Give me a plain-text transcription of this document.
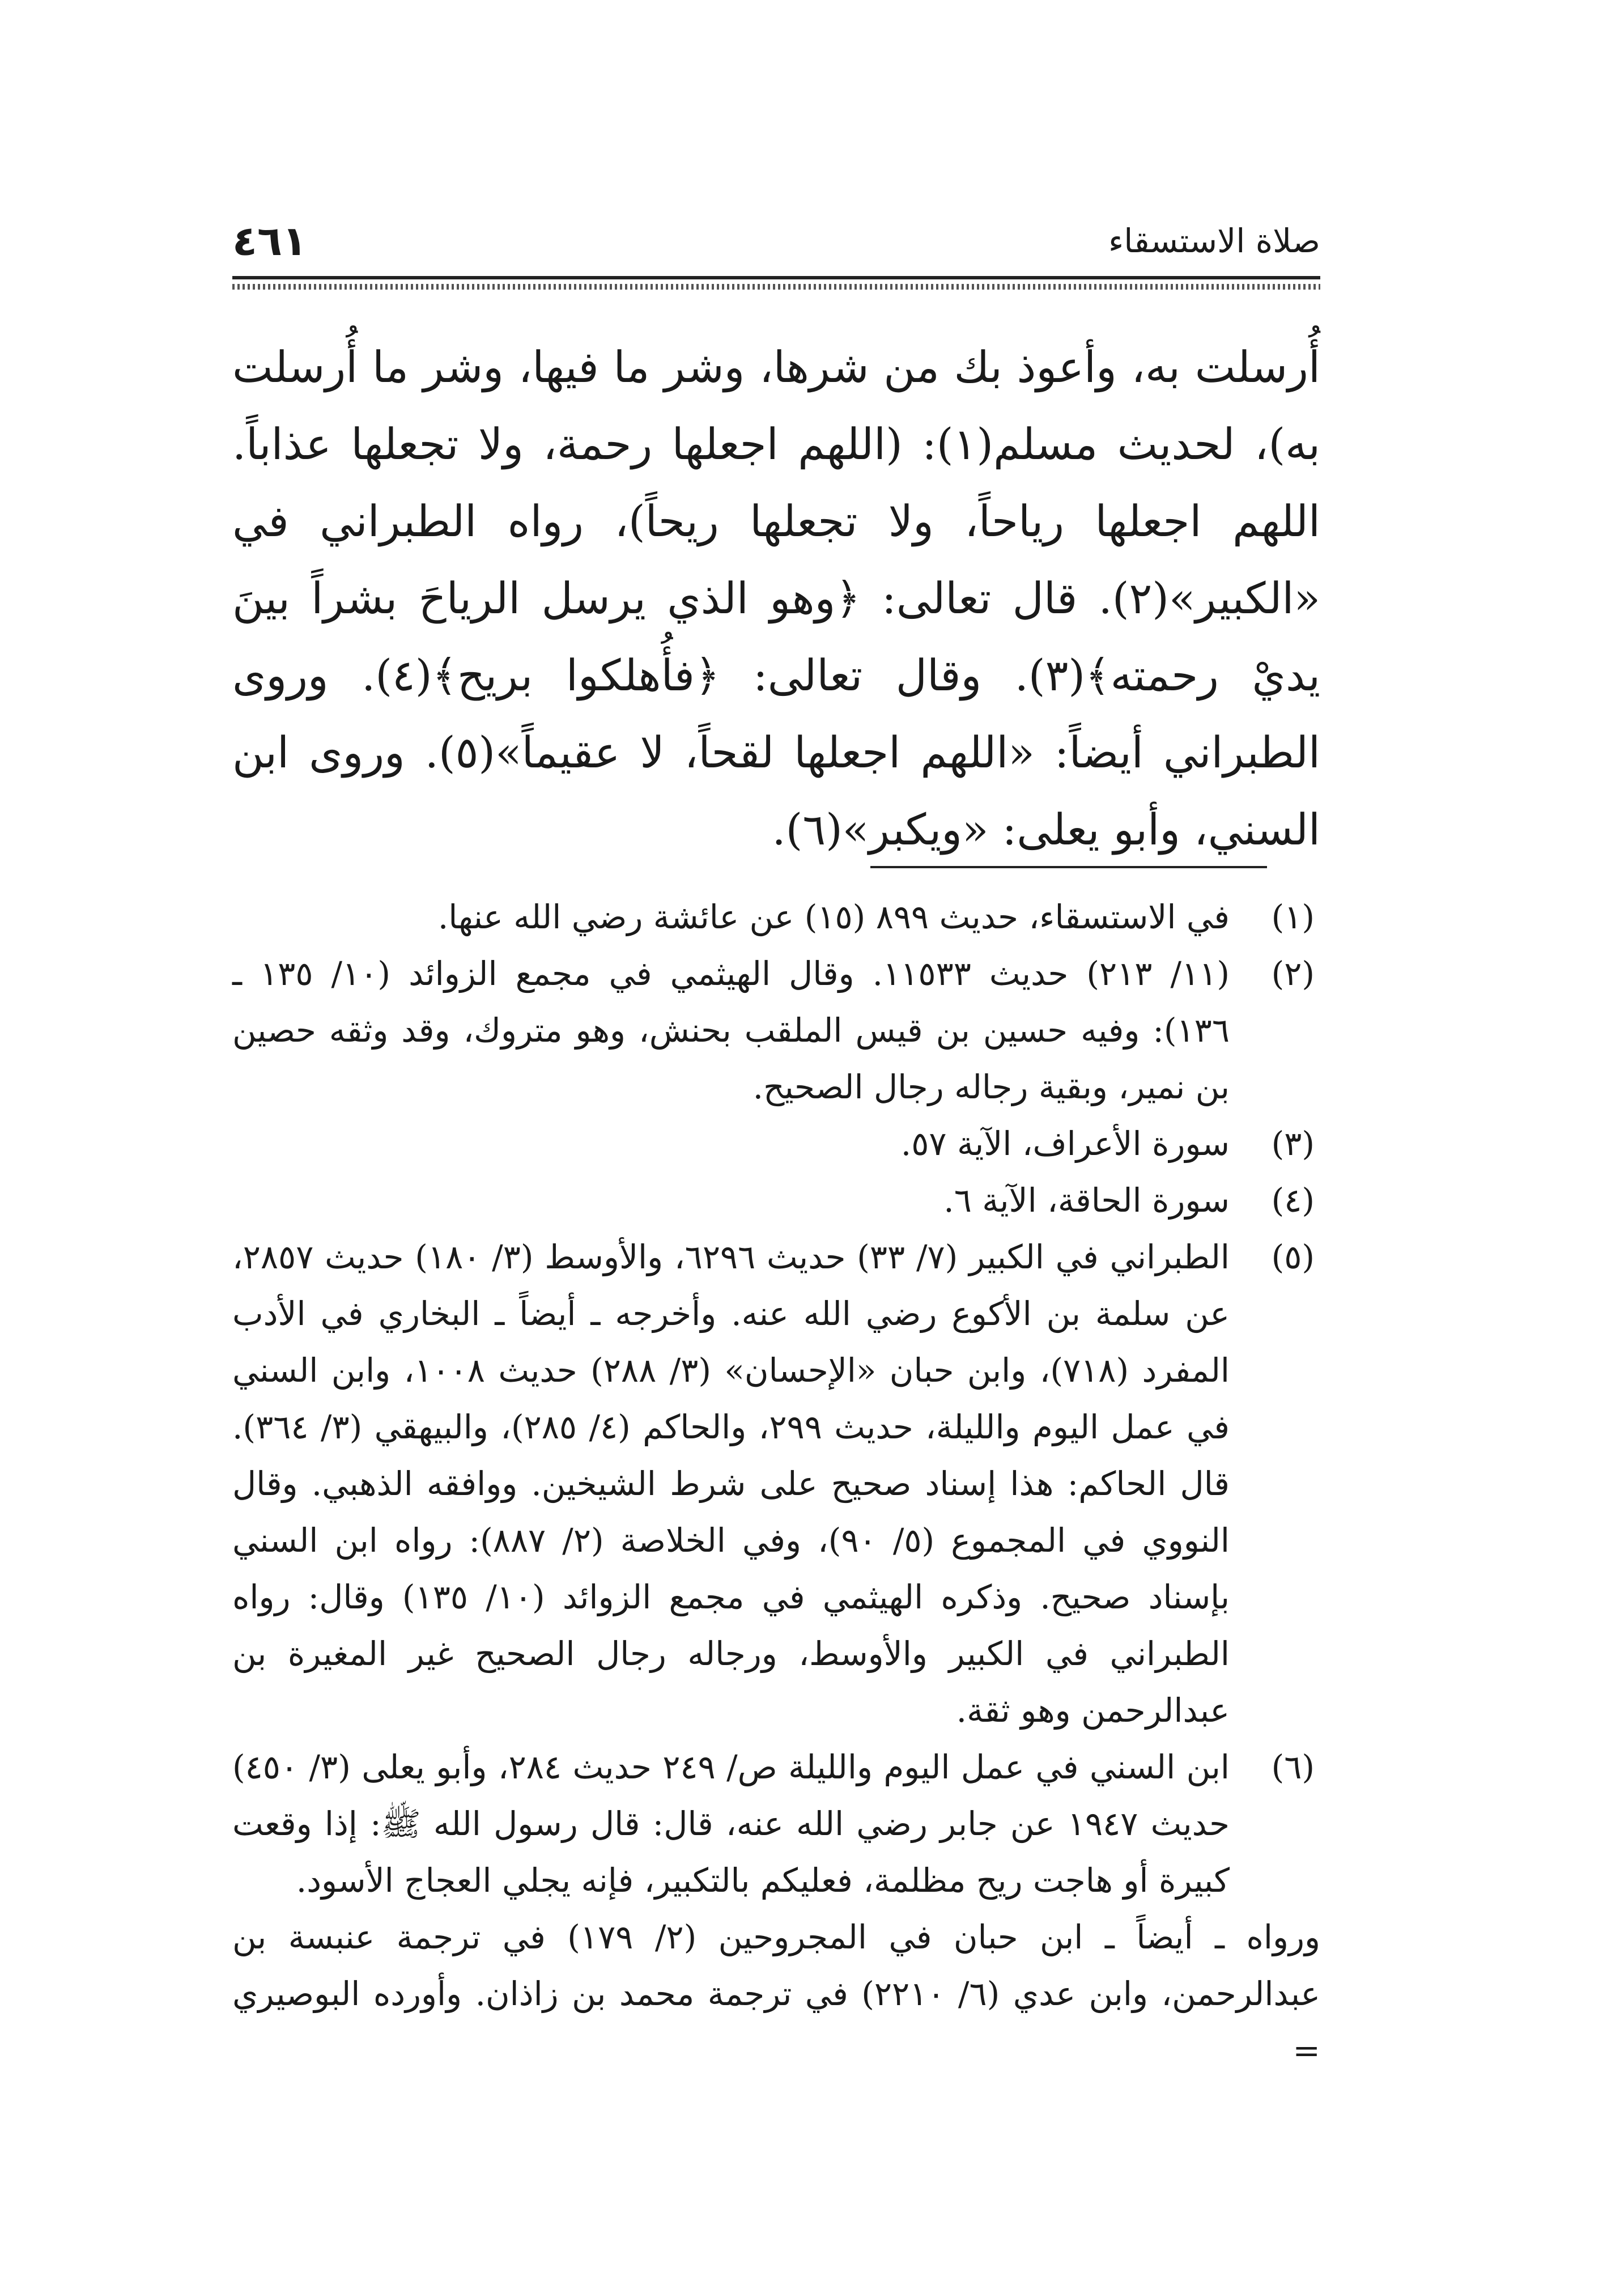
صلاة الاستسقاء
٤٦١

أُرسلت به، وأعوذ بك من شرها، وشر ما فيها، وشر ما أُرسلت به)، لحديث مسلم(١): (اللهم اجعلها رحمة، ولا تجعلها عذاباً. اللهم اجعلها رياحاً، ولا تجعلها ريحاً)، رواه الطبراني في «الكبير»(٢). قال تعالى: ﴿وهو الذي يرسل الرياحَ بشراً بينَ يديْ رحمته﴾(٣). وقال تعالى: ﴿فأُهلكوا بريح﴾(٤). وروى الطبراني أيضاً: «اللهم اجعلها لقحاً، لا عقيماً»(٥). وروى ابن السني، وأبو يعلى: «ويكبر»(٦).

(١)
في الاستسقاء، حديث ٨٩٩ (١٥) عن عائشة رضي الله عنها.
(٢)
(١١/ ٢١٣) حديث ١١٥٣٣. وقال الهيثمي في مجمع الزوائد (١٠/ ١٣٥ ـ ١٣٦): وفيه حسين بن قيس الملقب بحنش، وهو متروك، وقد وثقه حصين بن نمير، وبقية رجاله رجال الصحيح.
(٣)
سورة الأعراف، الآية ٥٧.
(٤)
سورة الحاقة، الآية ٦.
(٥)
الطبراني في الكبير (٧/ ٣٣) حديث ٦٢٩٦، والأوسط (٣/ ١٨٠) حديث ٢٨٥٧، عن سلمة بن الأكوع رضي الله عنه. وأخرجه ـ أيضاً ـ البخاري في الأدب المفرد (٧١٨)، وابن حبان «الإحسان» (٣/ ٢٨٨) حديث ١٠٠٨، وابن السني في عمل اليوم والليلة، حديث ٢٩٩، والحاكم (٤/ ٢٨٥)، والبيهقي (٣/ ٣٦٤). قال الحاكم: هذا إسناد صحيح على شرط الشيخين. ووافقه الذهبي. وقال النووي في المجموع (٥/ ٩٠)، وفي الخلاصة (٢/ ٨٨٧): رواه ابن السني بإسناد صحيح. وذكره الهيثمي في مجمع الزوائد (١٠/ ١٣٥) وقال: رواه الطبراني في الكبير والأوسط، ورجاله رجال الصحيح غير المغيرة بن عبدالرحمن وهو ثقة.
(٦)
ابن السني في عمل اليوم والليلة ص/ ٢٤٩ حديث ٢٨٤، وأبو يعلى (٣/ ٤٥٠) حديث ١٩٤٧ عن جابر رضي الله عنه، قال: قال رسول الله ﷺ: إذا وقعت كبيرة أو هاجت ريح مظلمة، فعليكم بالتكبير، فإنه يجلي العجاج الأسود.
ورواه ـ أيضاً ـ ابن حبان في المجروحين (٢/ ١٧٩) في ترجمة عنبسة بن عبدالرحمن، وابن عدي (٦/ ٢٢١٠) في ترجمة محمد بن زاذان. وأورده البوصيري =
